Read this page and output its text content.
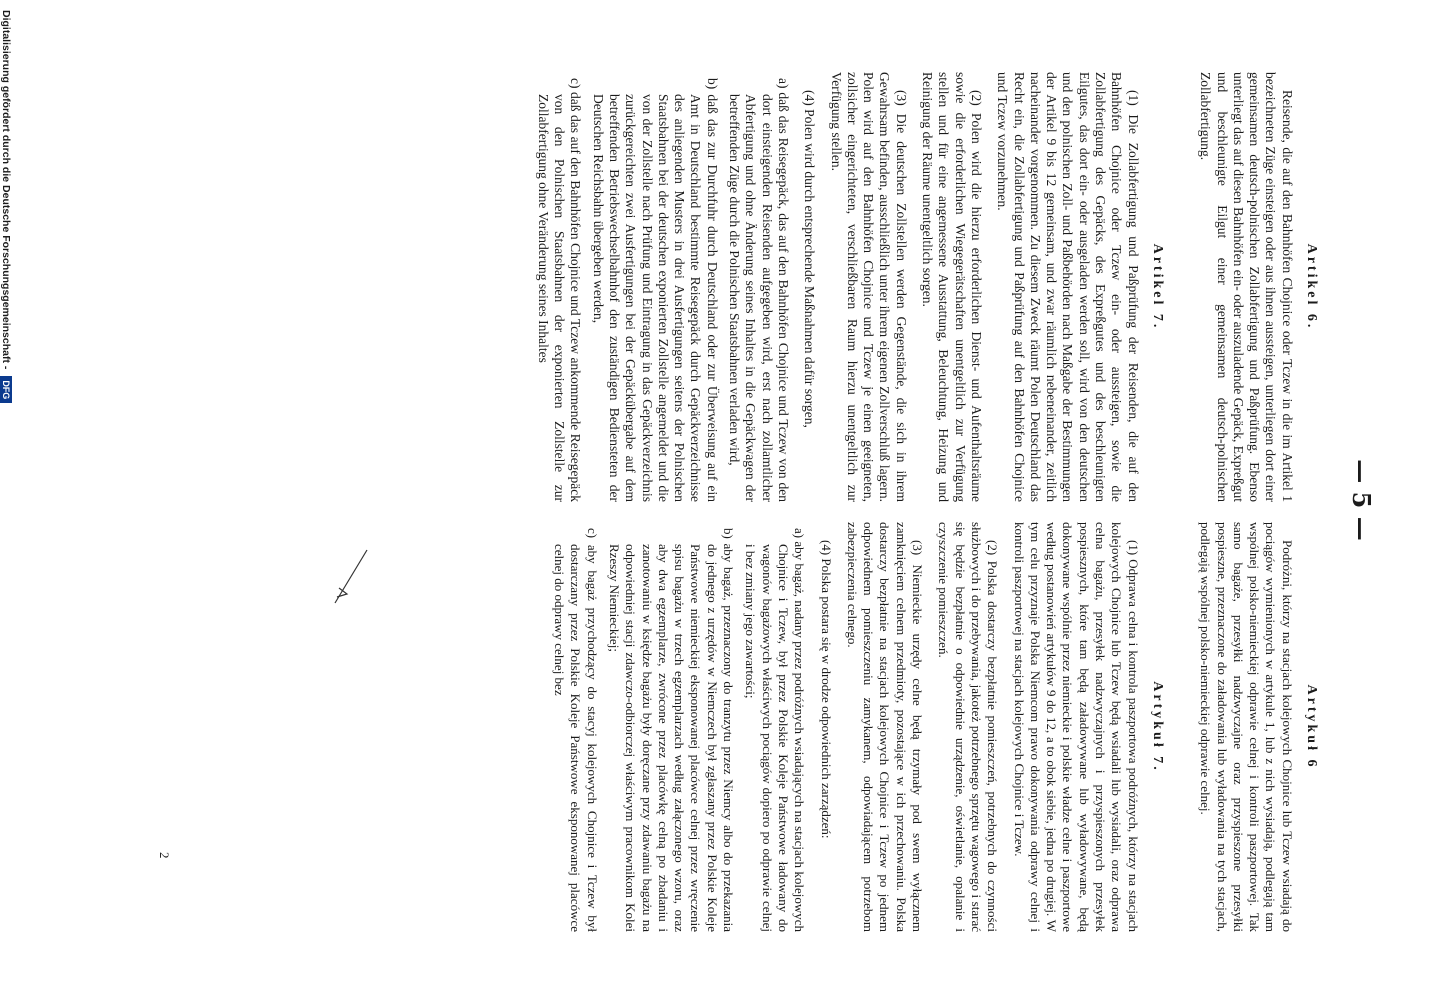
— 5 —
Artikel 6.

Reisende, die auf den Bahnhöfen Chojnice oder Tczew in die im Artikel 1 bezeichneten Züge einsteigen oder aus ihnen aussteigen, unterliegen dort einer gemeinsamen deutsch-polnischen Zollabfertigung und Paßprüfung. Ebenso unterliegt das auf diesen Bahnhöfen ein- oder auszuladende Gepäck, Expreßgut und beschleunigte Eilgut einer gemeinsamen deutsch-polnischen Zollabfertigung.

Artikel 7.

(1) Die Zollabfertigung und Paßprüfung der Reisenden, die auf den Bahnhöfen Chojnice oder Tczew ein- oder aussteigen, sowie die Zollabfertigung des Gepäcks, des Expreßgutes und des beschleunigten Eilgutes, das dort ein- oder ausgeladen werden soll, wird von den deutschen und den polnischen Zoll- und Paßbehörden nach Maßgabe der Bestimmungen der Artikel 9 bis 12 gemeinsam, und zwar räumlich nebeneinander, zeitlich nacheinander vorgenommen. Zu diesem Zweck räumt Polen Deutschland das Recht ein, die Zollabfertigung und Paßprüfung auf den Bahnhöfen Chojnice und Tczew vorzunehmen.

(2) Polen wird die hierzu erforderlichen Dienst- und Aufenthaltsräume sowie die erforderlichen Wiegegerätschaften unentgeltlich zur Verfügung stellen und für eine angemessene Ausstattung, Beleuchtung, Heizung und Reinigung der Räume unentgeltlich sorgen.

(3) Die deutschen Zollstellen werden Gegenstände, die sich in ihrem Gewahrsam befinden, ausschließlich unter ihrem eigenen Zollverschluß lagern. Polen wird auf den Bahnhöfen Chojnice und Tczew je einen geeigneten, zollsicher eingerichteten, verschließbaren Raum hierzu unentgeltlich zur Verfügung stellen.

(4) Polen wird durch entsprechende Maßnahmen dafür sorgen,

a) daß das Reisegepäck, das auf den Bahnhöfen Chojnice und Tczew von den dort einsteigenden Reisenden aufgegeben wird, erst nach zollamtlicher Abfertigung und ohne Änderung seines Inhaltes in die Gepäckwagen der betreffenden Züge durch die Polnischen Staatsbahnen verladen wird,

b) daß das zur Durchfuhr durch Deutschland oder zur Überweisung auf ein Amt in Deutschland bestimmte Reisegepäck durch Gepäckverzeichnisse des anliegenden Musters in drei Ausfertigungen seitens der Polnischen Staatsbahnen bei der deutschen exponierten Zollstelle angemeldet und die von der Zollstelle nach Prüfung und Eintragung in das Gepäckverzeichnis zurückgereichten zwei Ausfertigungen bei der Gepäckübergabe auf dem betreffenden Betriebswechselbahnhof den zuständigen Bediensteten der Deutschen Reichsbahn übergeben werden,

c) daß das auf den Bahnhöfen Chojnice und Tczew ankommende Reisegepäck von den Polnischen Staatsbahnen der exponierten Zollstelle zur Zollabfertigung ohne Veränderung seines Inhaltes

Artykuł 6

Podróżni, którzy na stacjach kolejowych Chojnice lub Tczew wsiadają do pociągów wymienionych w artykule 1, lub z nich wysiadają, podlegają tam wspólnej polsko-niemieckiej odprawie celnej i kontroli paszportowej. Tak samo bagaże, przesyłki nadzwyczajne oraz przyspieszone przesyłki pospieszne, przeznaczone do załadowania lub wyładowania na tych stacjach, podlegają wspólnej polsko-niemieckiej odprawie celnej.

Artykuł 7.

(1) Odprawa celna i kontrola paszportowa podróżnych, którzy na stacjach kolejowych Chojnice lub Tczew będą wsiadali lub wysiadali, oraz odprawa celna bagażu, przesyłek nadzwyczajnych i przyspieszonych przesyłek pospiesznych, które tam będą załadowywane lub wyładowywane, będą dokonywane wspólnie przez niemieckie i polskie władze celne i paszportowe według postanowień artykułów 9 do 12, a to obok siebie, jedna po drugiej. W tym celu przyznaje Polska Niemcom prawo dokonywania odprawy celnej i kontroli paszportowej na stacjach kolejowych Chojnice i Tczew.

(2) Polska dostarczy bezpłatnie pomieszczeń, potrzebnych do czynności służbowych i do przebywania, jakoteż potrzebnego sprzętu wagowego i starać się będzie bezpłatnie o odpowiednie urządzenie, oświetlanie, opalanie i czyszczenie pomieszczeń.

(3) Niemieckie urzędy celne będą trzymały pod swem wyłącznem zamknięciem celnem przedmioty, pozostające w ich przechowaniu. Polska dostarczy bezpłatnie na stacjach kolejowych Chojnice i Tczew po jednem odpowiednem pomieszczeniu zamykanem, odpowiadającem potrzebom zabezpieczenia celnego.

(4) Polska postara się w drodze odpowiednich zarządzeń:

a) aby bagaż, nadany przez podróżnych wsiadających na stacjach kolejowych Chojnice i Tczew, był przez Polskie Koleje Państwowe ładowany do wagonów bagażowych właściwych pociągów dopiero po odprawie celnej i bez zmiany jego zawartości;

b) aby bagaż, przeznaczony do tranzytu przez Niemcy albo do przekazania do jednego z urzędów w Niemczech był zgłaszany przez Polskie Koleje Państwowe niemieckiej eksponowanej placówce celnej przez wręczenie spisu bagażu w trzech egzemplarzach według załączonego wzoru, oraz aby dwa egzemplarze, zwrócone przez placówkę celną po zbadaniu i zanotowaniu w księdze bagażu były doręczane przy zdawaniu bagażu na odpowiedniej stacji zdawczo-odbiorczej właściwym pracownikom Kolei Rzeszy Niemieckiej;

c) aby bagaż przychodzący do stacyj kolejowych Chojnice i Tczew był dostarczany przez Polskie Koleje Państwowe eksponowanej placówce celnej do odprawy celnej bez

2
Digitalisierung gefördert durch die Deutsche Forschungsgemeinschaft - DFG
